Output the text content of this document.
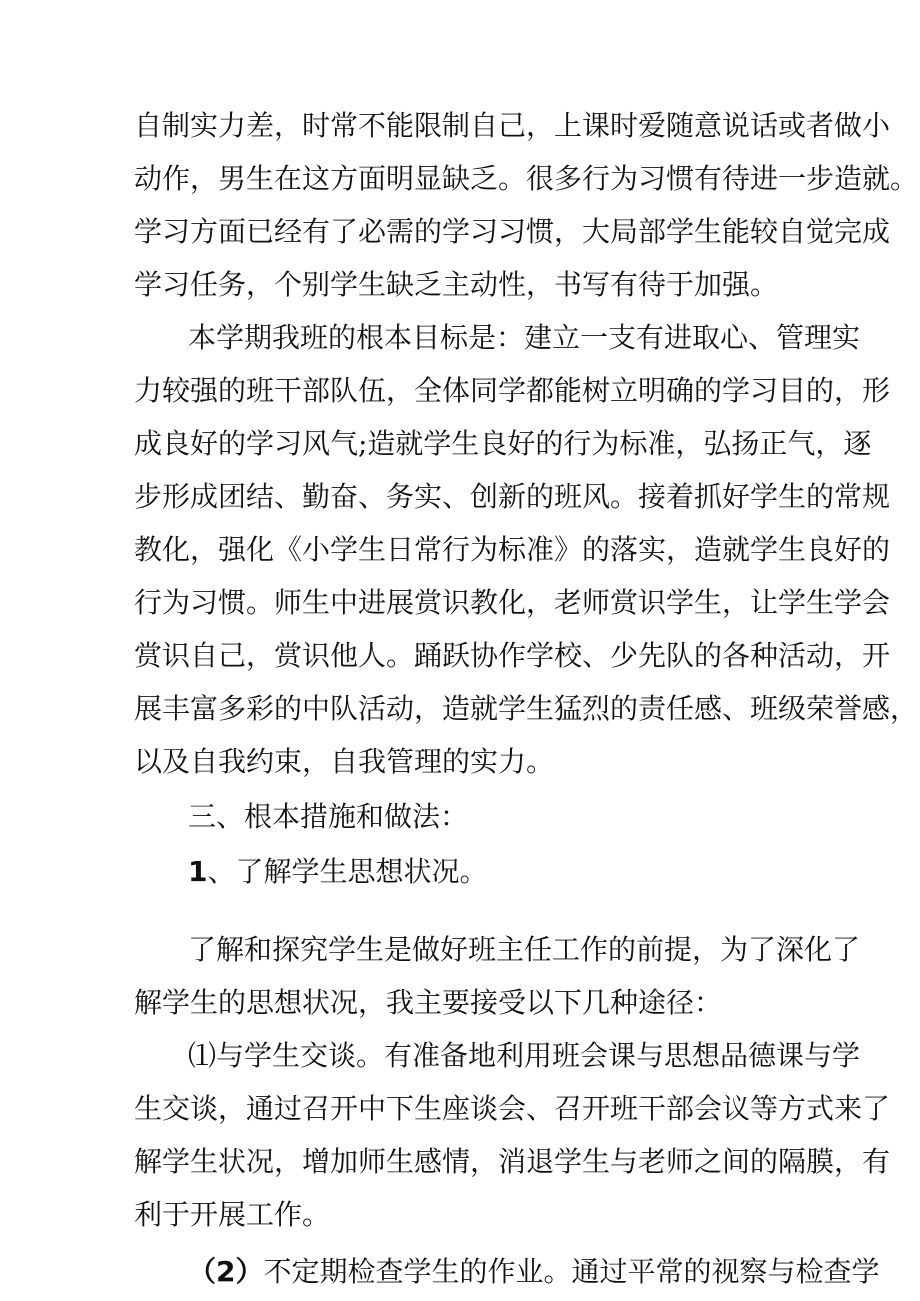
自制实力差，时常不能限制自己，上课时爱随意说话或者做小
动作，男生在这方面明显缺乏。很多行为习惯有待进一步造就。
学习方面已经有了必需的学习习惯，大局部学生能较自觉完成
学习任务，个别学生缺乏主动性，书写有待于加强。
本学期我班的根本目标是：建立一支有进取心、管理实
力较强的班干部队伍，全体同学都能树立明确的学习目的，形
成良好的学习风气;造就学生良好的行为标准，弘扬正气，逐
步形成团结、勤奋、务实、创新的班风。接着抓好学生的常规
教化，强化《小学生日常行为标准》的落实，造就学生良好的
行为习惯。师生中进展赏识教化，老师赏识学生，让学生学会
赏识自己，赏识他人。踊跃协作学校、少先队的各种活动，开
展丰富多彩的中队活动，造就学生猛烈的责任感、班级荣誉感，
以及自我约束，自我管理的实力。
三、根本措施和做法：
1、了解学生思想状况。
了解和探究学生是做好班主任工作的前提，为了深化了
解学生的思想状况，我主要接受以下几种途径：
⑴与学生交谈。有准备地利用班会课与思想品德课与学
生交谈，通过召开中下生座谈会、召开班干部会议等方式来了
解学生状况，增加师生感情，消退学生与老师之间的隔膜，有
利于开展工作。
（2）不定期检查学生的作业。通过平常的视察与检查学
